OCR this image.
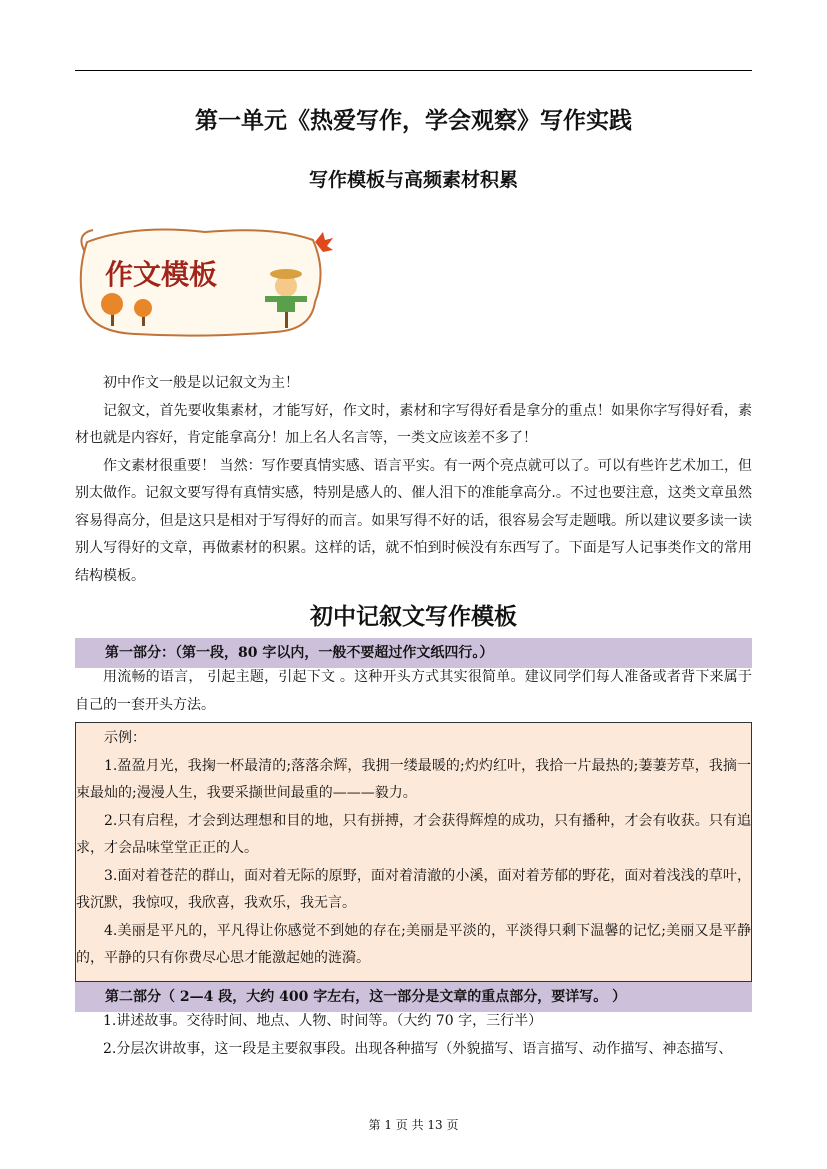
第一单元《热爱写作，学会观察》写作实践
写作模板与高频素材积累
作文模板

初中作文一般是以记叙文为主！

记叙文，首先要收集素材，才能写好，作文时，素材和字写得好看是拿分的重点！如果你字写得好看，素材也就是内容好，肯定能拿高分！加上名人名言等，一类文应该差不多了！

作文素材很重要！ 当然：写作要真情实感、语言平实。有一两个亮点就可以了。可以有些许艺术加工，但别太做作。记叙文要写得有真情实感，特别是感人的、催人泪下的准能拿高分.。不过也要注意，这类文章虽然容易得高分，但是这只是相对于写得好的而言。如果写得不好的话，很容易会写走题哦。所以建议要多读一读别人写得好的文章，再做素材的积累。这样的话，就不怕到时候没有东西写了。下面是写人记事类作文的常用结构模板。

初中记叙文写作模板
第一部分：（第一段，80 字以内，一般不要超过作文纸四行。）

用流畅的语言， 引起主题，引起下文 。这种开头方式其实很简单。建议同学们每人准备或者背下来属于自己的一套开头方法。

示例：

1.盈盈月光，我掬一杯最清的;落落余辉，我拥一缕最暖的;灼灼红叶，我拾一片最热的;萋萋芳草，我摘一束最灿的;漫漫人生，我要采撷世间最重的———毅力。

2.只有启程，才会到达理想和目的地，只有拼搏，才会获得辉煌的成功，只有播种，才会有收获。只有追求，才会品味堂堂正正的人。

3.面对着苍茫的群山，面对着无际的原野，面对着清澈的小溪，面对着芳郁的野花，面对着浅浅的草叶，我沉默，我惊叹，我欣喜，我欢乐，我无言。

4.美丽是平凡的，平凡得让你感觉不到她的存在;美丽是平淡的，平淡得只剩下温馨的记忆;美丽又是平静的，平静的只有你费尽心思才能激起她的涟漪。

第二部分（ 2—4 段，大约 400 字左右，这一部分是文章的重点部分，要详写。 ）

1.讲述故事。交待时间、地点、人物、时间等。（大约 70 字，三行半）

2.分层次讲故事，这一段是主要叙事段。出现各种描写（外貌描写、语言描写、动作描写、神态描写、

第 1 页 共 13 页
